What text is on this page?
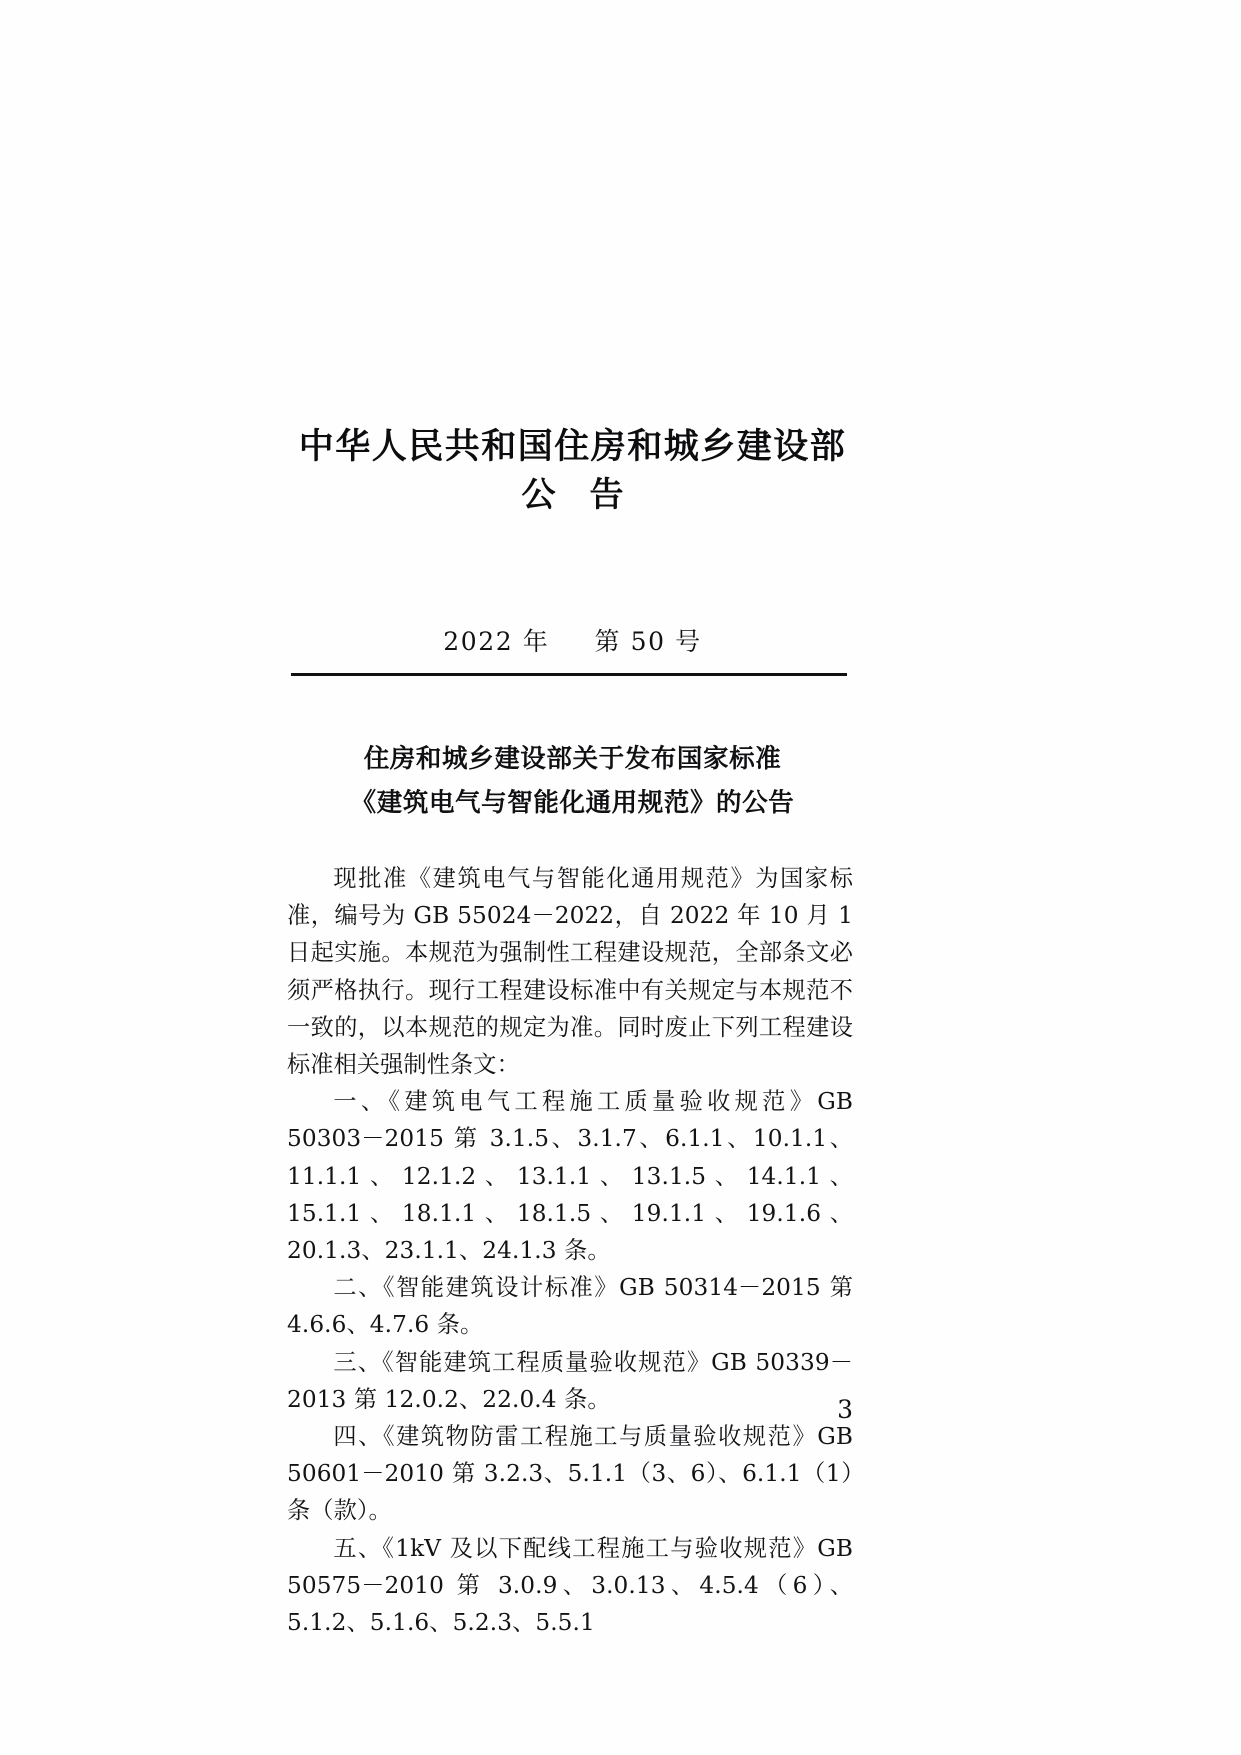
中华人民共和国住房和城乡建设部
公告
2022 年 第 50 号
住房和城乡建设部关于发布国家标准
《建筑电气与智能化通用规范》的公告

现批准《建筑电气与智能化通用规范》为国家标准，编号为 GB 55024－2022，自 2022 年 10 月 1 日起实施。本规范为强制性工程建设规范，全部条文必须严格执行。现行工程建设标准中有关规定与本规范不一致的，以本规范的规定为准。同时废止下列工程建设标准相关强制性条文：

一、《建筑电气工程施工质量验收规范》GB 50303－2015 第 3.1.5、3.1.7、6.1.1、10.1.1、11.1.1、12.1.2、13.1.1、13.1.5、14.1.1、15.1.1、18.1.1、18.1.5、19.1.1、19.1.6、20.1.3、23.1.1、24.1.3 条。

二、《智能建筑设计标准》GB 50314－2015 第 4.6.6、4.7.6 条。

三、《智能建筑工程质量验收规范》GB 50339－2013 第 12.0.2、22.0.4 条。

四、《建筑物防雷工程施工与质量验收规范》GB 50601－2010 第 3.2.3、5.1.1（3、6）、6.1.1（1）条（款）。

五、《1kV 及以下配线工程施工与验收规范》GB 50575－2010 第 3.0.9、3.0.13、4.5.4（6）、5.1.2、5.1.6、5.2.3、5.5.1

3
